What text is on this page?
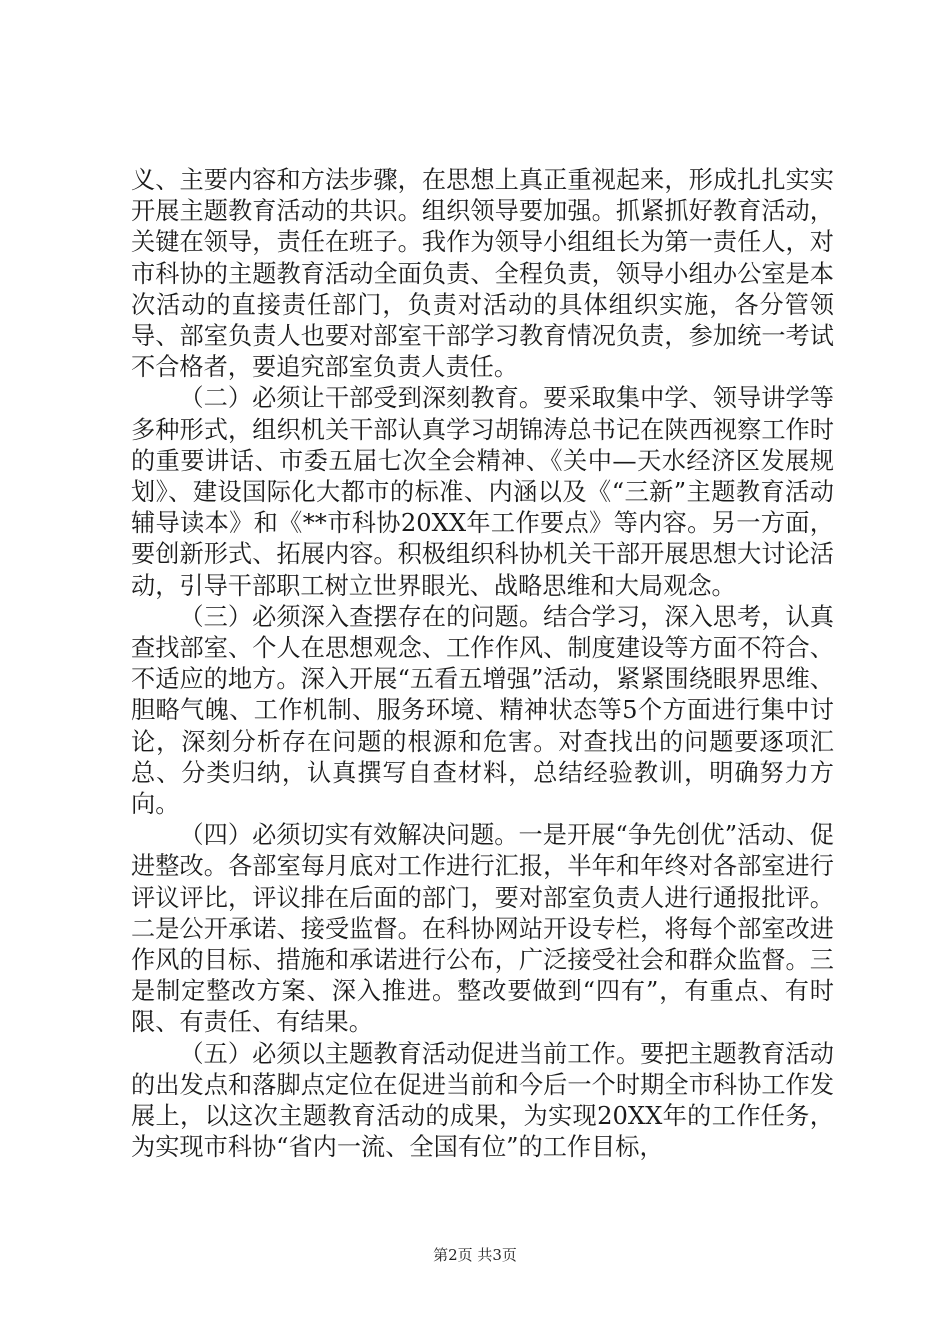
义、主要内容和方法步骤，在思想上真正重视起来，形成扎扎实实开展主题教育活动的共识。组织领导要加强。抓紧抓好教育活动，关键在领导，责任在班子。我作为领导小组组长为第一责任人，对市科协的主题教育活动全面负责、全程负责，领导小组办公室是本次活动的直接责任部门，负责对活动的具体组织实施，各分管领导、部室负责人也要对部室干部学习教育情况负责，参加统一考试不合格者，要追究部室负责人责任。

（二）必须让干部受到深刻教育。要采取集中学、领导讲学等多种形式，组织机关干部认真学习胡锦涛总书记在陕西视察工作时的重要讲话、市委五届七次全会精神、《关中—天水经济区发展规划》、建设国际化大都市的标准、内涵以及《“三新”主题教育活动辅导读本》和《**市科协20XX年工作要点》等内容。另一方面，要创新形式、拓展内容。积极组织科协机关干部开展思想大讨论活动，引导干部职工树立世界眼光、战略思维和大局观念。

（三）必须深入查摆存在的问题。结合学习，深入思考，认真查找部室、个人在思想观念、工作作风、制度建设等方面不符合、不适应的地方。深入开展“五看五增强”活动，紧紧围绕眼界思维、胆略气魄、工作机制、服务环境、精神状态等5个方面进行集中讨论，深刻分析存在问题的根源和危害。对查找出的问题要逐项汇总、分类归纳，认真撰写自查材料，总结经验教训，明确努力方向。

（四）必须切实有效解决问题。一是开展“争先创优”活动、促进整改。各部室每月底对工作进行汇报，半年和年终对各部室进行评议评比，评议排在后面的部门，要对部室负责人进行通报批评。二是公开承诺、接受监督。在科协网站开设专栏，将每个部室改进作风的目标、措施和承诺进行公布，广泛接受社会和群众监督。三是制定整改方案、深入推进。整改要做到“四有”，有重点、有时限、有责任、有结果。

（五）必须以主题教育活动促进当前工作。要把主题教育活动的出发点和落脚点定位在促进当前和今后一个时期全市科协工作发展上，以这次主题教育活动的成果，为实现20XX年的工作任务，为实现市科协“省内一流、全国有位”的工作目标，

第2页 共3页
